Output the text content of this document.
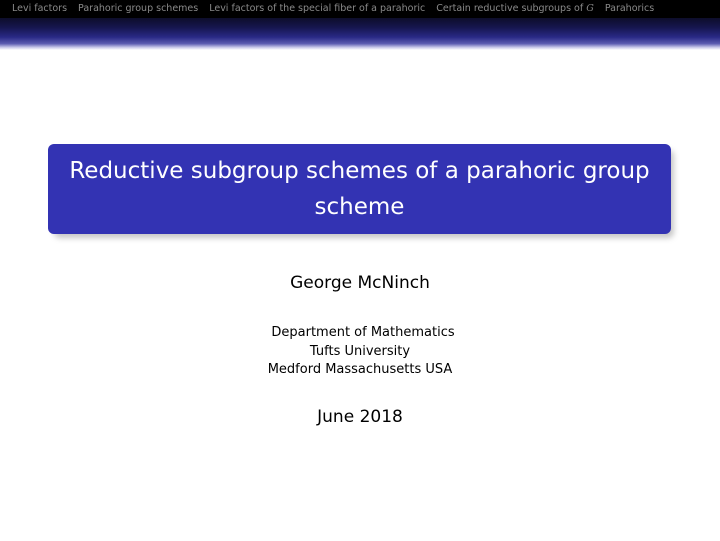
Levi factors Parahoric group schemes Levi factors of the special fiber of a parahoric Certain reductive subgroups of G Parahorics
Reductive subgroup schemes of a parahoric group scheme
George McNinch
Department of Mathematics
Tufts University
Medford Massachusetts USA
June 2018
